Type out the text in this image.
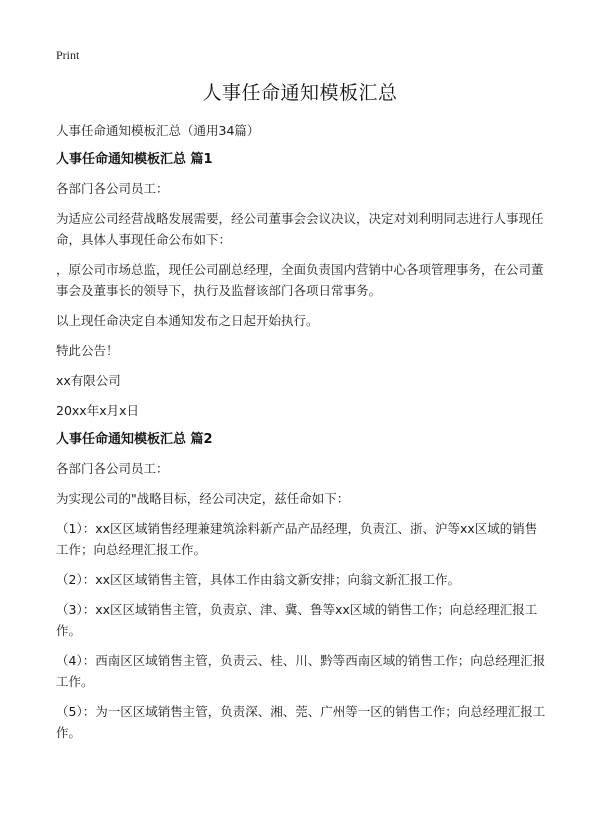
Print
人事任命通知模板汇总

人事任命通知模板汇总（通用34篇）

人事任命通知模板汇总 篇1

各部门各公司员工：

为适应公司经营战略发展需要，经公司董事会会议决议，决定对刘利明同志进行人事现任命，具体人事现任命公布如下：

，原公司市场总监，现任公司副总经理，全面负责国内营销中心各项管理事务，在公司董事会及董事长的领导下，执行及监督该部门各项日常事务。

以上现任命决定自本通知发布之日起开始执行。

特此公告！

xx有限公司

20xx年x月x日

人事任命通知模板汇总 篇2

各部门各公司员工：

为实现公司的"战略目标，经公司决定，兹任命如下：

（1）：xx区区域销售经理兼建筑涂料新产品产品经理，负责江、浙、沪等xx区域的销售工作；向总经理汇报工作。

（2）：xx区区域销售主管，具体工作由翁文新安排；向翁文新汇报工作。

（3）：xx区区域销售主管，负责京、津、冀、鲁等xx区域的销售工作；向总经理汇报工作。

（4）：西南区区域销售主管，负责云、桂、川、黔等西南区域的销售工作；向总经理汇报工作。

（5）：为一区区域销售主管，负责深、湘、莞、广州等一区的销售工作；向总经理汇报工作。
